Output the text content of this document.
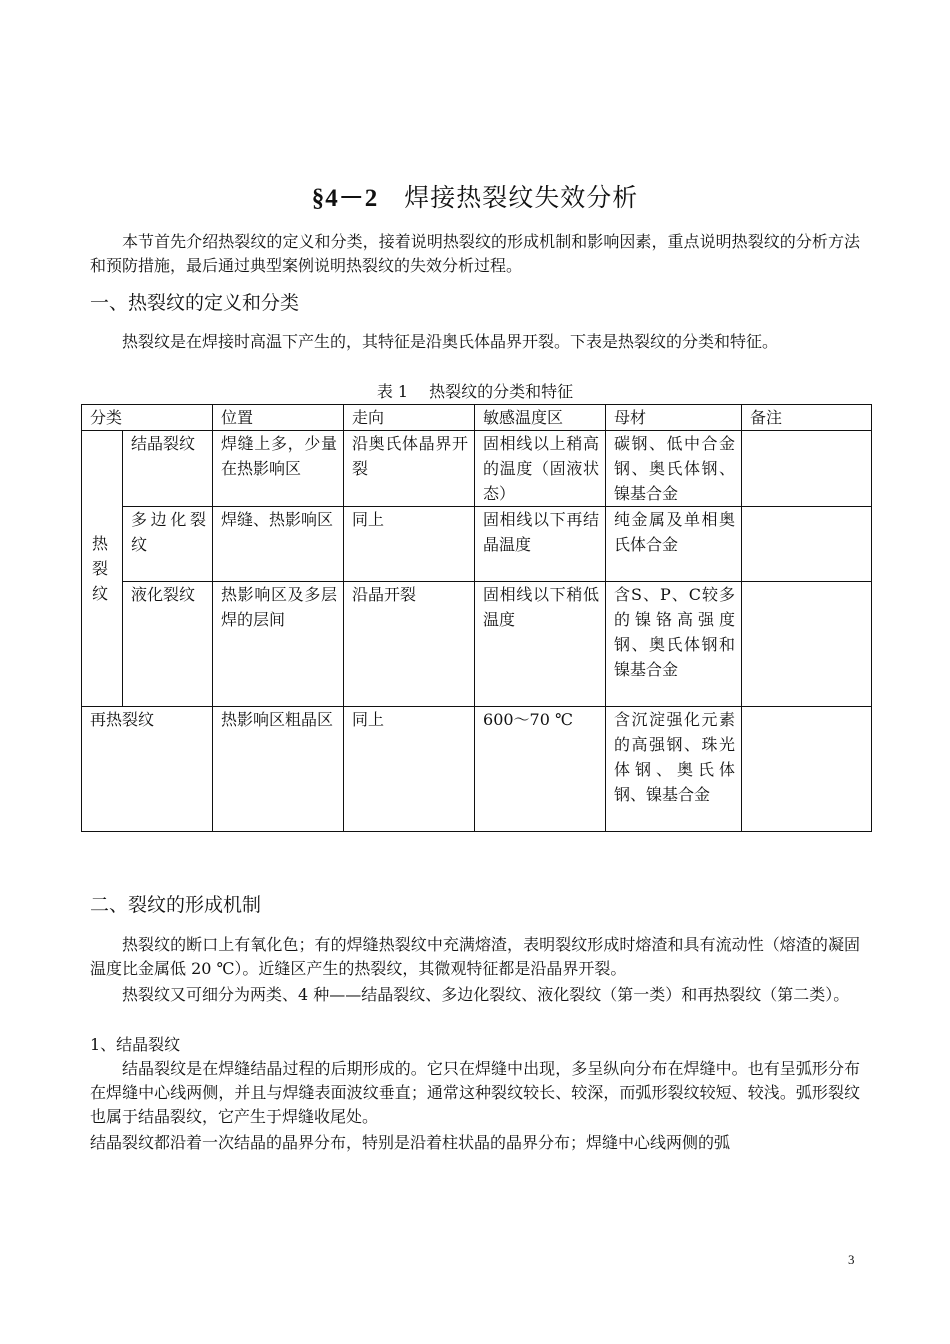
§4－2　 焊接热裂纹失效分析
本节首先介绍热裂纹的定义和分类，接着说明热裂纹的形成机制和影响因素，重点说明热裂纹的分析方法和预防措施，最后通过典型案例说明热裂纹的失效分析过程。
一、热裂纹的定义和分类
热裂纹是在焊接时高温下产生的，其特征是沿奥氏体晶界开裂。下表是热裂纹的分类和特征。
表 1　 热裂纹的分类和特征
分类		位置	走向	敏感温度区	母材	备注

热
裂
纹	结晶裂纹	焊缝上多，少量在热影响区	沿奥氏体晶界开裂	固相线以上稍高的温度（固液状态）	碳钢、低中合金钢、奥氏体钢、镍基合金	
	多边化裂纹	焊缝、热影响区	同上	固相线以下再结晶温度	纯金属及单相奥氏体合金	
	液化裂纹	热影响区及多层焊的层间	沿晶开裂	固相线以下稍低温度	含S、P、C较多的镍铬高强度钢、奥氏体钢和镍基合金	
再热裂纹		热影响区粗晶区	同上	600～70 ℃	含沉淀强化元素的高强钢、珠光体钢、奥氏体钢、镍基合金	
二、裂纹的形成机制
热裂纹的断口上有氧化色；有的焊缝热裂纹中充满熔渣，表明裂纹形成时熔渣和具有流动性（熔渣的凝固温度比金属低 20 ℃）。近缝区产生的热裂纹，其微观特征都是沿晶界开裂。
热裂纹又可细分为两类、4 种——结晶裂纹、多边化裂纹、液化裂纹（第一类）和再热裂纹（第二类）。
1、结晶裂纹
结晶裂纹是在焊缝结晶过程的后期形成的。它只在焊缝中出现，多呈纵向分布在焊缝中。也有呈弧形分布在焊缝中心线两侧，并且与焊缝表面波纹垂直；通常这种裂纹较长、较深，而弧形裂纹较短、较浅。弧形裂纹也属于结晶裂纹，它产生于焊缝收尾处。
结晶裂纹都沿着一次结晶的晶界分布，特别是沿着柱状晶的晶界分布；焊缝中心线两侧的弧
3
